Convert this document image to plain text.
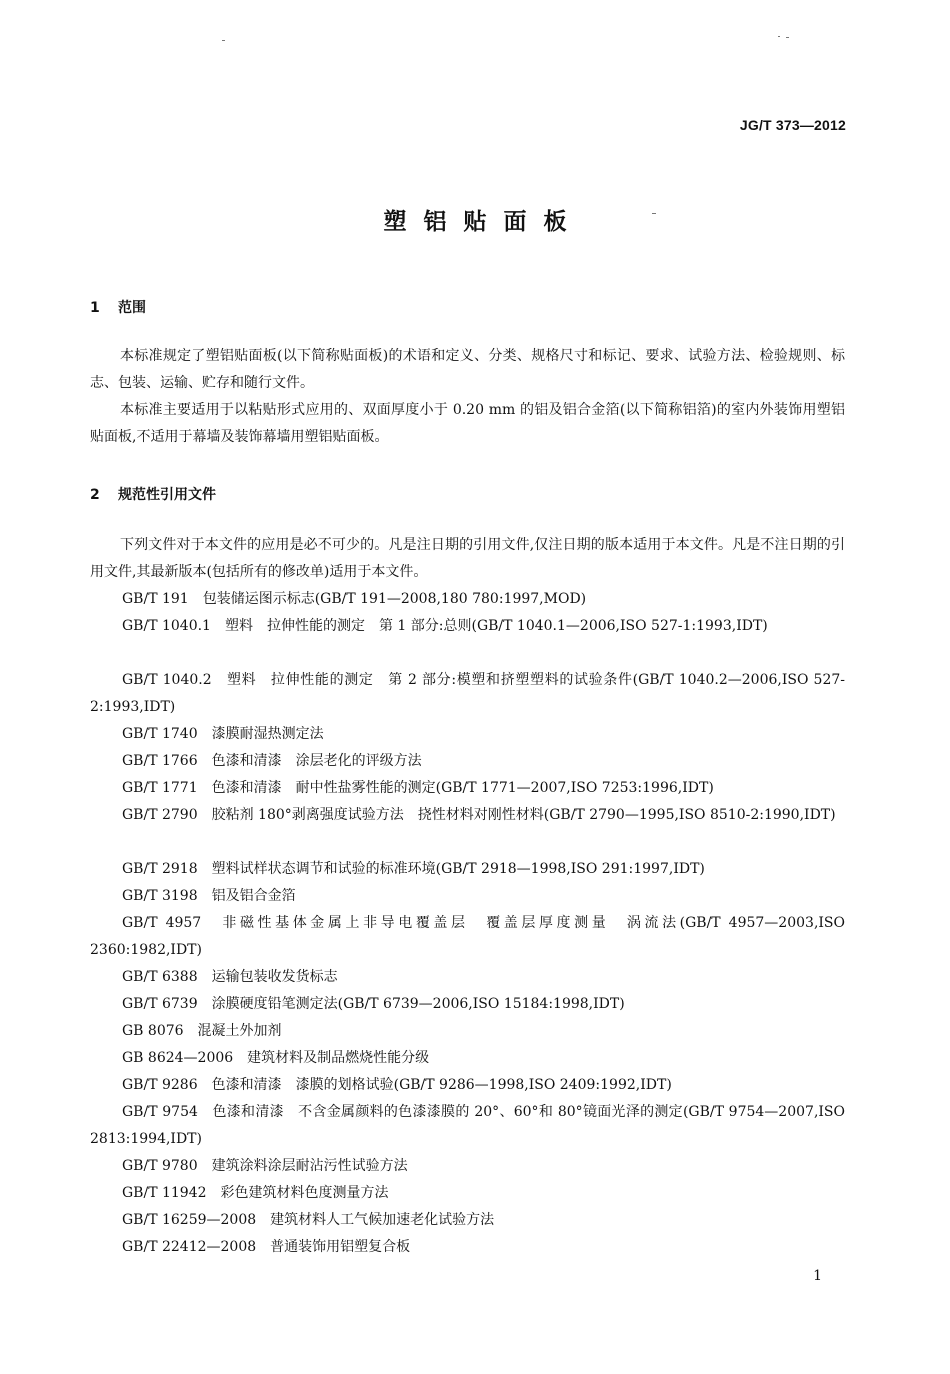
JG/T 373—2012
塑铝贴面板
1 范围
本标准规定了塑铝贴面板(以下简称贴面板)的术语和定义、分类、规格尺寸和标记、要求、试验方法、检验规则、标志、包装、运输、贮存和随行文件。
本标准主要适用于以粘贴形式应用的、双面厚度小于 0.20 mm 的铝及铝合金箔(以下简称铝箔)的室内外装饰用塑铝贴面板,不适用于幕墙及装饰幕墙用塑铝贴面板。
2 规范性引用文件
下列文件对于本文件的应用是必不可少的。凡是注日期的引用文件,仅注日期的版本适用于本文件。凡是不注日期的引用文件,其最新版本(包括所有的修改单)适用于本文件。
GB/T 191　包装储运图示标志(GB/T 191—2008,180 780:1997,MOD)
GB/T 1040.1　塑料　拉伸性能的测定　第 1 部分:总则(GB/T 1040.1—2006,ISO 527-1:1993,IDT)
GB/T 1040.2　塑料　拉伸性能的测定　第 2 部分:模塑和挤塑塑料的试验条件(GB/T 1040.2—2006,ISO 527-2:1993,IDT)
GB/T 1740　漆膜耐湿热测定法
GB/T 1766　色漆和清漆　涂层老化的评级方法
GB/T 1771　色漆和清漆　耐中性盐雾性能的测定(GB/T 1771—2007,ISO 7253:1996,IDT)
GB/T 2790　胶粘剂 180°剥离强度试验方法　挠性材料对刚性材料(GB/T 2790—1995,ISO 8510-2:1990,IDT)
GB/T 2918　塑料试样状态调节和试验的标准环境(GB/T 2918—1998,ISO 291:1997,IDT)
GB/T 3198　铝及铝合金箔
GB/T 4957　非磁性基体金属上非导电覆盖层　覆盖层厚度测量　涡流法(GB/T 4957—2003,ISO 2360:1982,IDT)
GB/T 6388　运输包装收发货标志
GB/T 6739　涂膜硬度铅笔测定法(GB/T 6739—2006,ISO 15184:1998,IDT)
GB 8076　混凝土外加剂
GB 8624—2006　建筑材料及制品燃烧性能分级
GB/T 9286　色漆和清漆　漆膜的划格试验(GB/T 9286—1998,ISO 2409:1992,IDT)
GB/T 9754　色漆和清漆　不含金属颜料的色漆漆膜的 20°、60°和 80°镜面光泽的测定(GB/T 9754—2007,ISO 2813:1994,IDT)
GB/T 9780　建筑涂料涂层耐沾污性试验方法
GB/T 11942　彩色建筑材料色度测量方法
GB/T 16259—2008　建筑材料人工气候加速老化试验方法
GB/T 22412—2008　普通装饰用铝塑复合板
1
